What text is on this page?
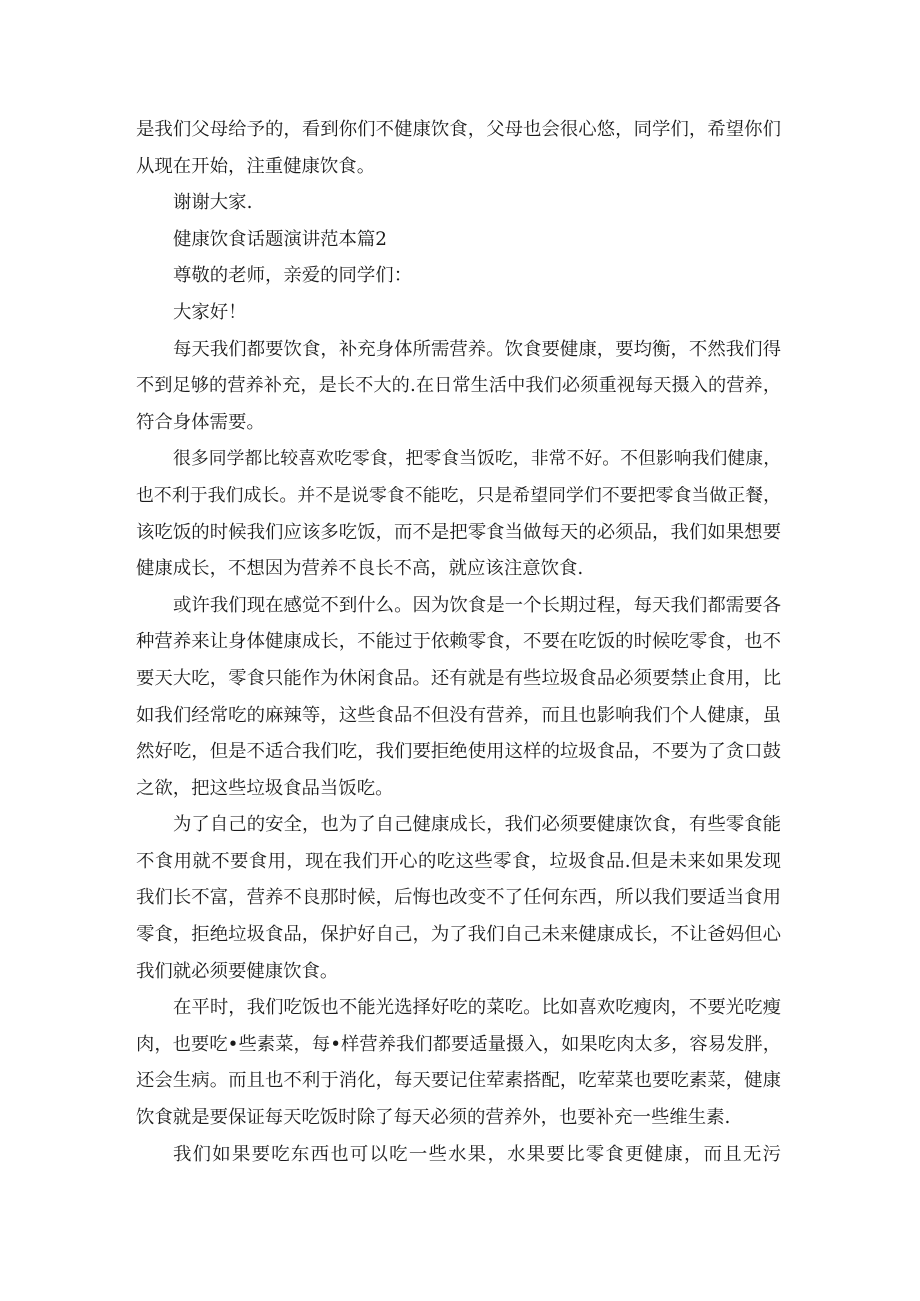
是我们父母给予的，看到你们不健康饮食，父母也会很心悠，同学们，希望你们
从现在开始，注重健康饮食。
谢谢大家.
健康饮食话题演讲范本篇2
尊敬的老师，亲爱的同学们：
大家好！
每天我们都要饮食，补充身体所需营养。饮食要健康，要均衡，不然我们得
不到足够的营养补充，是长不大的.在日常生活中我们必须重视每天摄入的营养，
符合身体需要。
很多同学都比较喜欢吃零食，把零食当饭吃，非常不好。不但影响我们健康，
也不利于我们成长。并不是说零食不能吃，只是希望同学们不要把零食当做正餐，
该吃饭的时候我们应该多吃饭，而不是把零食当做每天的必须品，我们如果想要
健康成长，不想因为营养不良长不高，就应该注意饮食.
或许我们现在感觉不到什么。因为饮食是一个长期过程，每天我们都需要各
种营养来让身体健康成长，不能过于依赖零食，不要在吃饭的时候吃零食，也不
要天大吃，零食只能作为休闲食品。还有就是有些垃圾食品必须要禁止食用，比
如我们经常吃的麻辣等，这些食品不但没有营养，而且也影响我们个人健康，虽
然好吃，但是不适合我们吃，我们要拒绝使用这样的垃圾食品，不要为了贪口鼓
之欲，把这些垃圾食品当饭吃。
为了自己的安全，也为了自己健康成长，我们必须要健康饮食，有些零食能
不食用就不要食用，现在我们开心的吃这些零食，垃圾食品.但是未来如果发现
我们长不富，营养不良那时候，后悔也改变不了任何东西，所以我们要适当食用
零食，拒绝垃圾食品，保护好自己，为了我们自己未来健康成长，不让爸妈但心
我们就必须要健康饮食。
在平时，我们吃饭也不能光选择好吃的菜吃。比如喜欢吃瘦肉，不要光吃瘦
肉，也要吃•些素菜，每•样营养我们都要适量摄入，如果吃肉太多，容易发胖，
还会生病。而且也不利于消化，每天要记住荤素搭配，吃荤菜也要吃素菜，健康
饮食就是要保证每天吃饭时除了每天必须的营养外，也要补充一些维生素.
我们如果要吃东西也可以吃一些水果，水果要比零食更健康，而且无污
